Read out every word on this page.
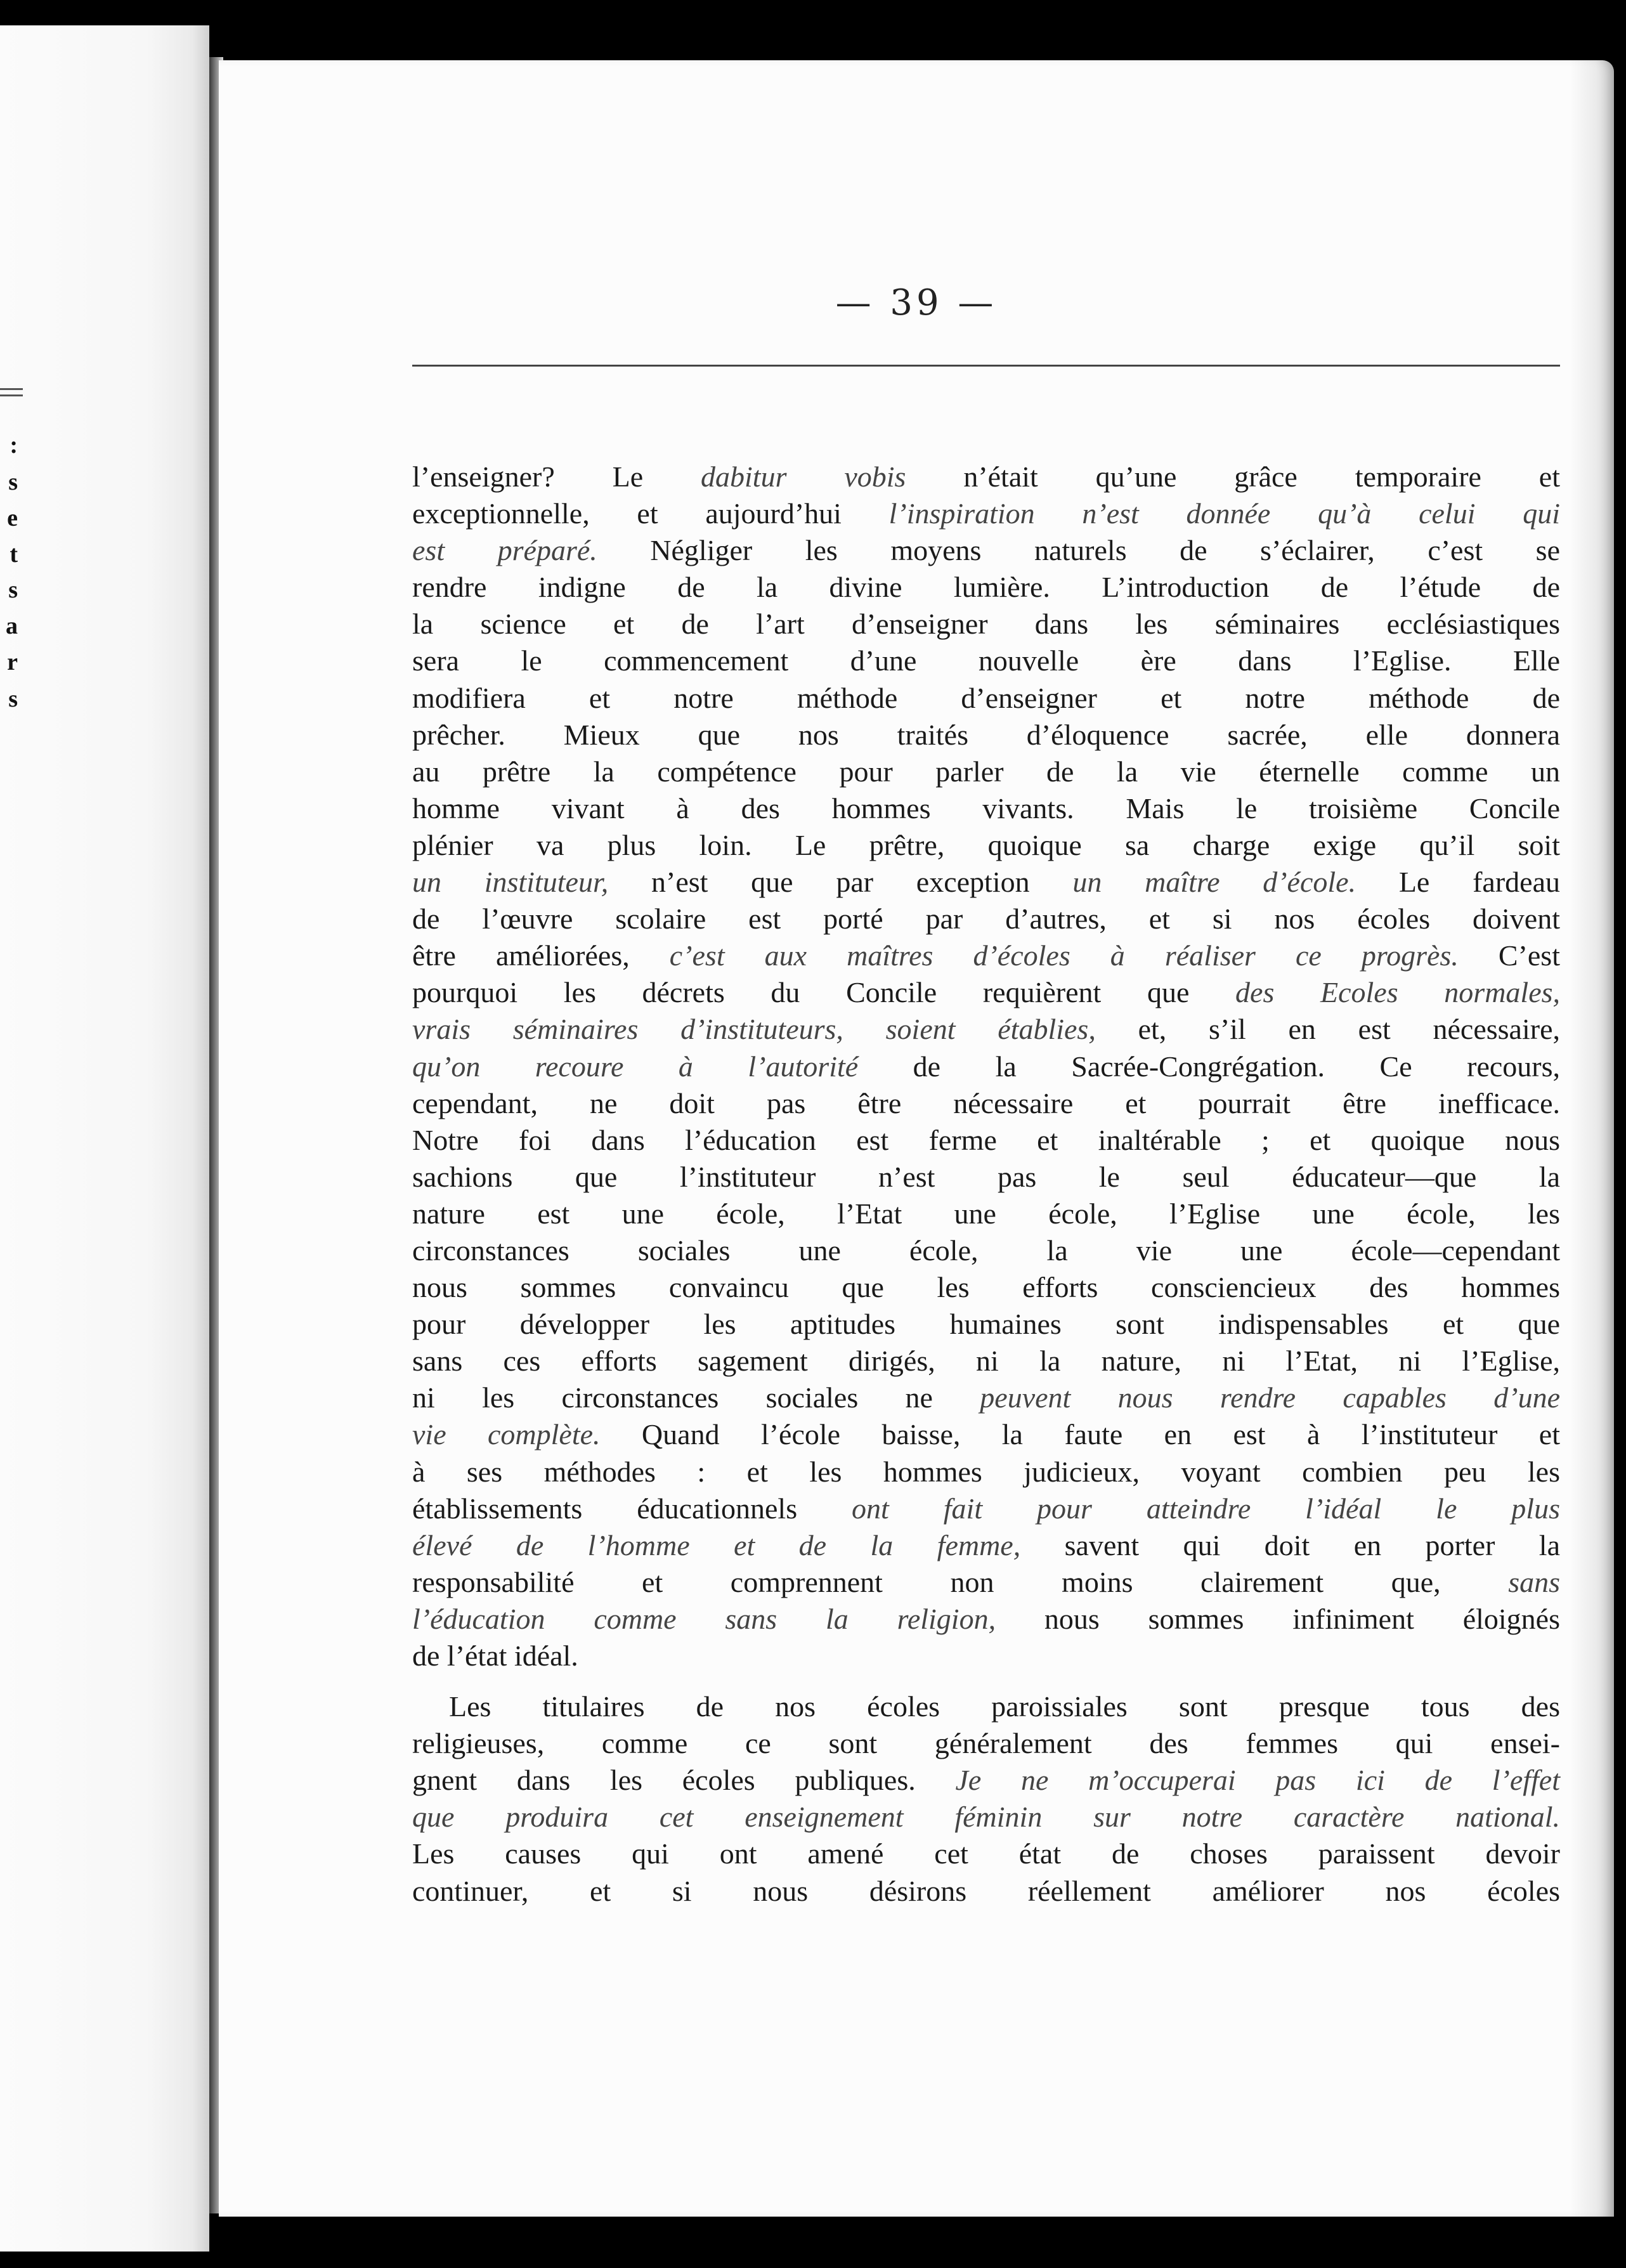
:
s
e
t
s
a
r
s
— 39 —
l’enseigner? Le dabitur vobis n’était qu’une grâce temporaire et
exceptionnelle, et aujourd’hui l’inspiration n’est donnée qu’à celui qui
est préparé. Négliger les moyens naturels de s’éclairer, c’est se
rendre indigne de la divine lumière. L’introduction de l’étude de
la science et de l’art d’enseigner dans les séminaires ecclésiastiques
sera le commencement d’une nouvelle ère dans l’Eglise. Elle
modifiera et notre méthode d’enseigner et notre méthode de
prêcher. Mieux que nos traités d’éloquence sacrée, elle donnera
au prêtre la compétence pour parler de la vie éternelle comme un
homme vivant à des hommes vivants. Mais le troisième Concile
plénier va plus loin. Le prêtre, quoique sa charge exige qu’il soit
un instituteur, n’est que par exception un maître d’école. Le fardeau
de l’œuvre scolaire est porté par d’autres, et si nos écoles doivent
être améliorées, c’est aux maîtres d’écoles à réaliser ce progrès. C’est
pourquoi les décrets du Concile requièrent que des Ecoles normales,
vrais séminaires d’instituteurs, soient établies, et, s’il en est nécessaire,
qu’on recoure à l’autorité de la Sacrée-Congrégation. Ce recours,
cependant, ne doit pas être nécessaire et pourrait être inefficace.
Notre foi dans l’éducation est ferme et inaltérable ; et quoique nous
sachions que l’instituteur n’est pas le seul éducateur—que la
nature est une école, l’Etat une école, l’Eglise une école, les
circonstances sociales une école, la vie une école—cependant
nous sommes convaincu que les efforts consciencieux des hommes
pour développer les aptitudes humaines sont indispensables et que
sans ces efforts sagement dirigés, ni la nature, ni l’Etat, ni l’Eglise,
ni les circonstances sociales ne peuvent nous rendre capables d’une
vie complète. Quand l’école baisse, la faute en est à l’instituteur et
à ses méthodes : et les hommes judicieux, voyant combien peu les
établissements éducationnels ont fait pour atteindre l’idéal le plus
élevé de l’homme et de la femme, savent qui doit en porter la
responsabilité et comprennent non moins clairement que, sans
l’éducation comme sans la religion, nous sommes infiniment éloignés
de l’état idéal.
Les titulaires de nos écoles paroissiales sont presque tous des
religieuses, comme ce sont généralement des femmes qui ensei-
gnent dans les écoles publiques. Je ne m’occuperai pas ici de l’effet
que produira cet enseignement féminin sur notre caractère national.
Les causes qui ont amené cet état de choses paraissent devoir
continuer, et si nous désirons réellement améliorer nos écoles
